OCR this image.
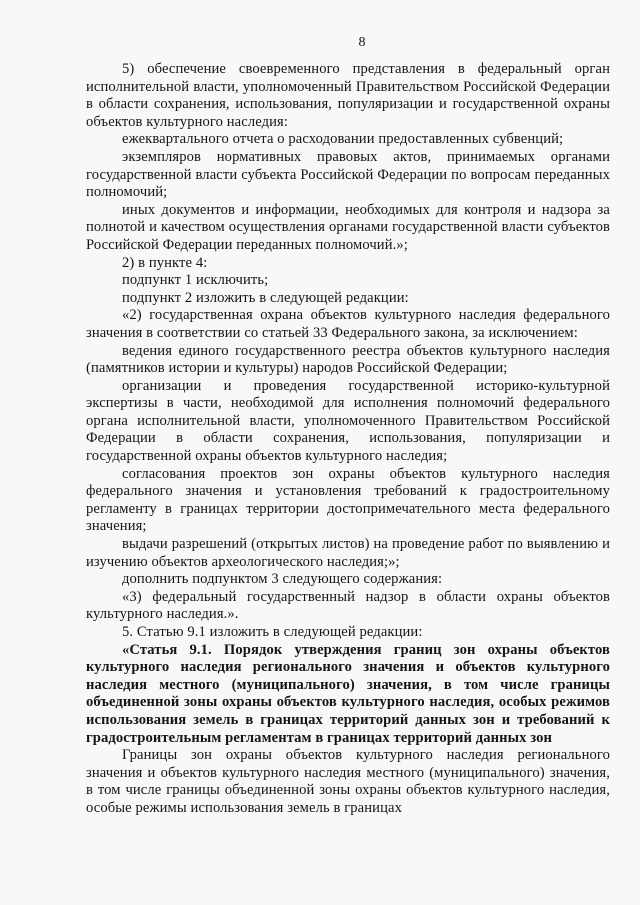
8

5) обеспечение своевременного представления в федеральный орган исполнительной власти, уполномоченный Правительством Российской Федерации в области сохранения, использования, популяризации и государственной охраны объектов культурного наследия:

ежеквартального отчета о расходовании предоставленных субвенций;

экземпляров нормативных правовых актов, принимаемых органами государственной власти субъекта Российской Федерации по вопросам переданных полномочий;

иных документов и информации, необходимых для контроля и надзора за полнотой и качеством осуществления органами государственной власти субъектов Российской Федерации переданных полномочий.»;

2) в пункте 4:

подпункт 1 исключить;

подпункт 2 изложить в следующей редакции:

«2) государственная охрана объектов культурного наследия федерального значения в соответствии со статьей 33 Федерального закона, за исключением:

ведения единого государственного реестра объектов культурного наследия (памятников истории и культуры) народов Российской Федерации;

организации и проведения государственной историко-культурной экспертизы в части, необходимой для исполнения полномочий федерального органа исполнительной власти, уполномоченного Правительством Российской Федерации в области сохранения, использования, популяризации и государственной охраны объектов культурного наследия;

согласования проектов зон охраны объектов культурного наследия федерального значения и установления требований к градостроительному регламенту в границах территории достопримечательного места федерального значения;

выдачи разрешений (открытых листов) на проведение работ по выявлению и изучению объектов археологического наследия;»;

дополнить подпунктом 3 следующего содержания:

«3) федеральный государственный надзор в области охраны объектов культурного наследия.».

5. Статью 9.1 изложить в следующей редакции:

«Статья 9.1. Порядок утверждения границ зон охраны объектов культурного наследия регионального значения и объектов культурного наследия местного (муниципального) значения, в том числе границы объединенной зоны охраны объектов культурного наследия, особых режимов использования земель в границах территорий данных зон и требований к градостроительным регламентам в границах территорий данных зон

Границы зон охраны объектов культурного наследия регионального значения и объектов культурного наследия местного (муниципального) значения, в том числе границы объединенной зоны охраны объектов культурного наследия, особые режимы использования земель в границах
